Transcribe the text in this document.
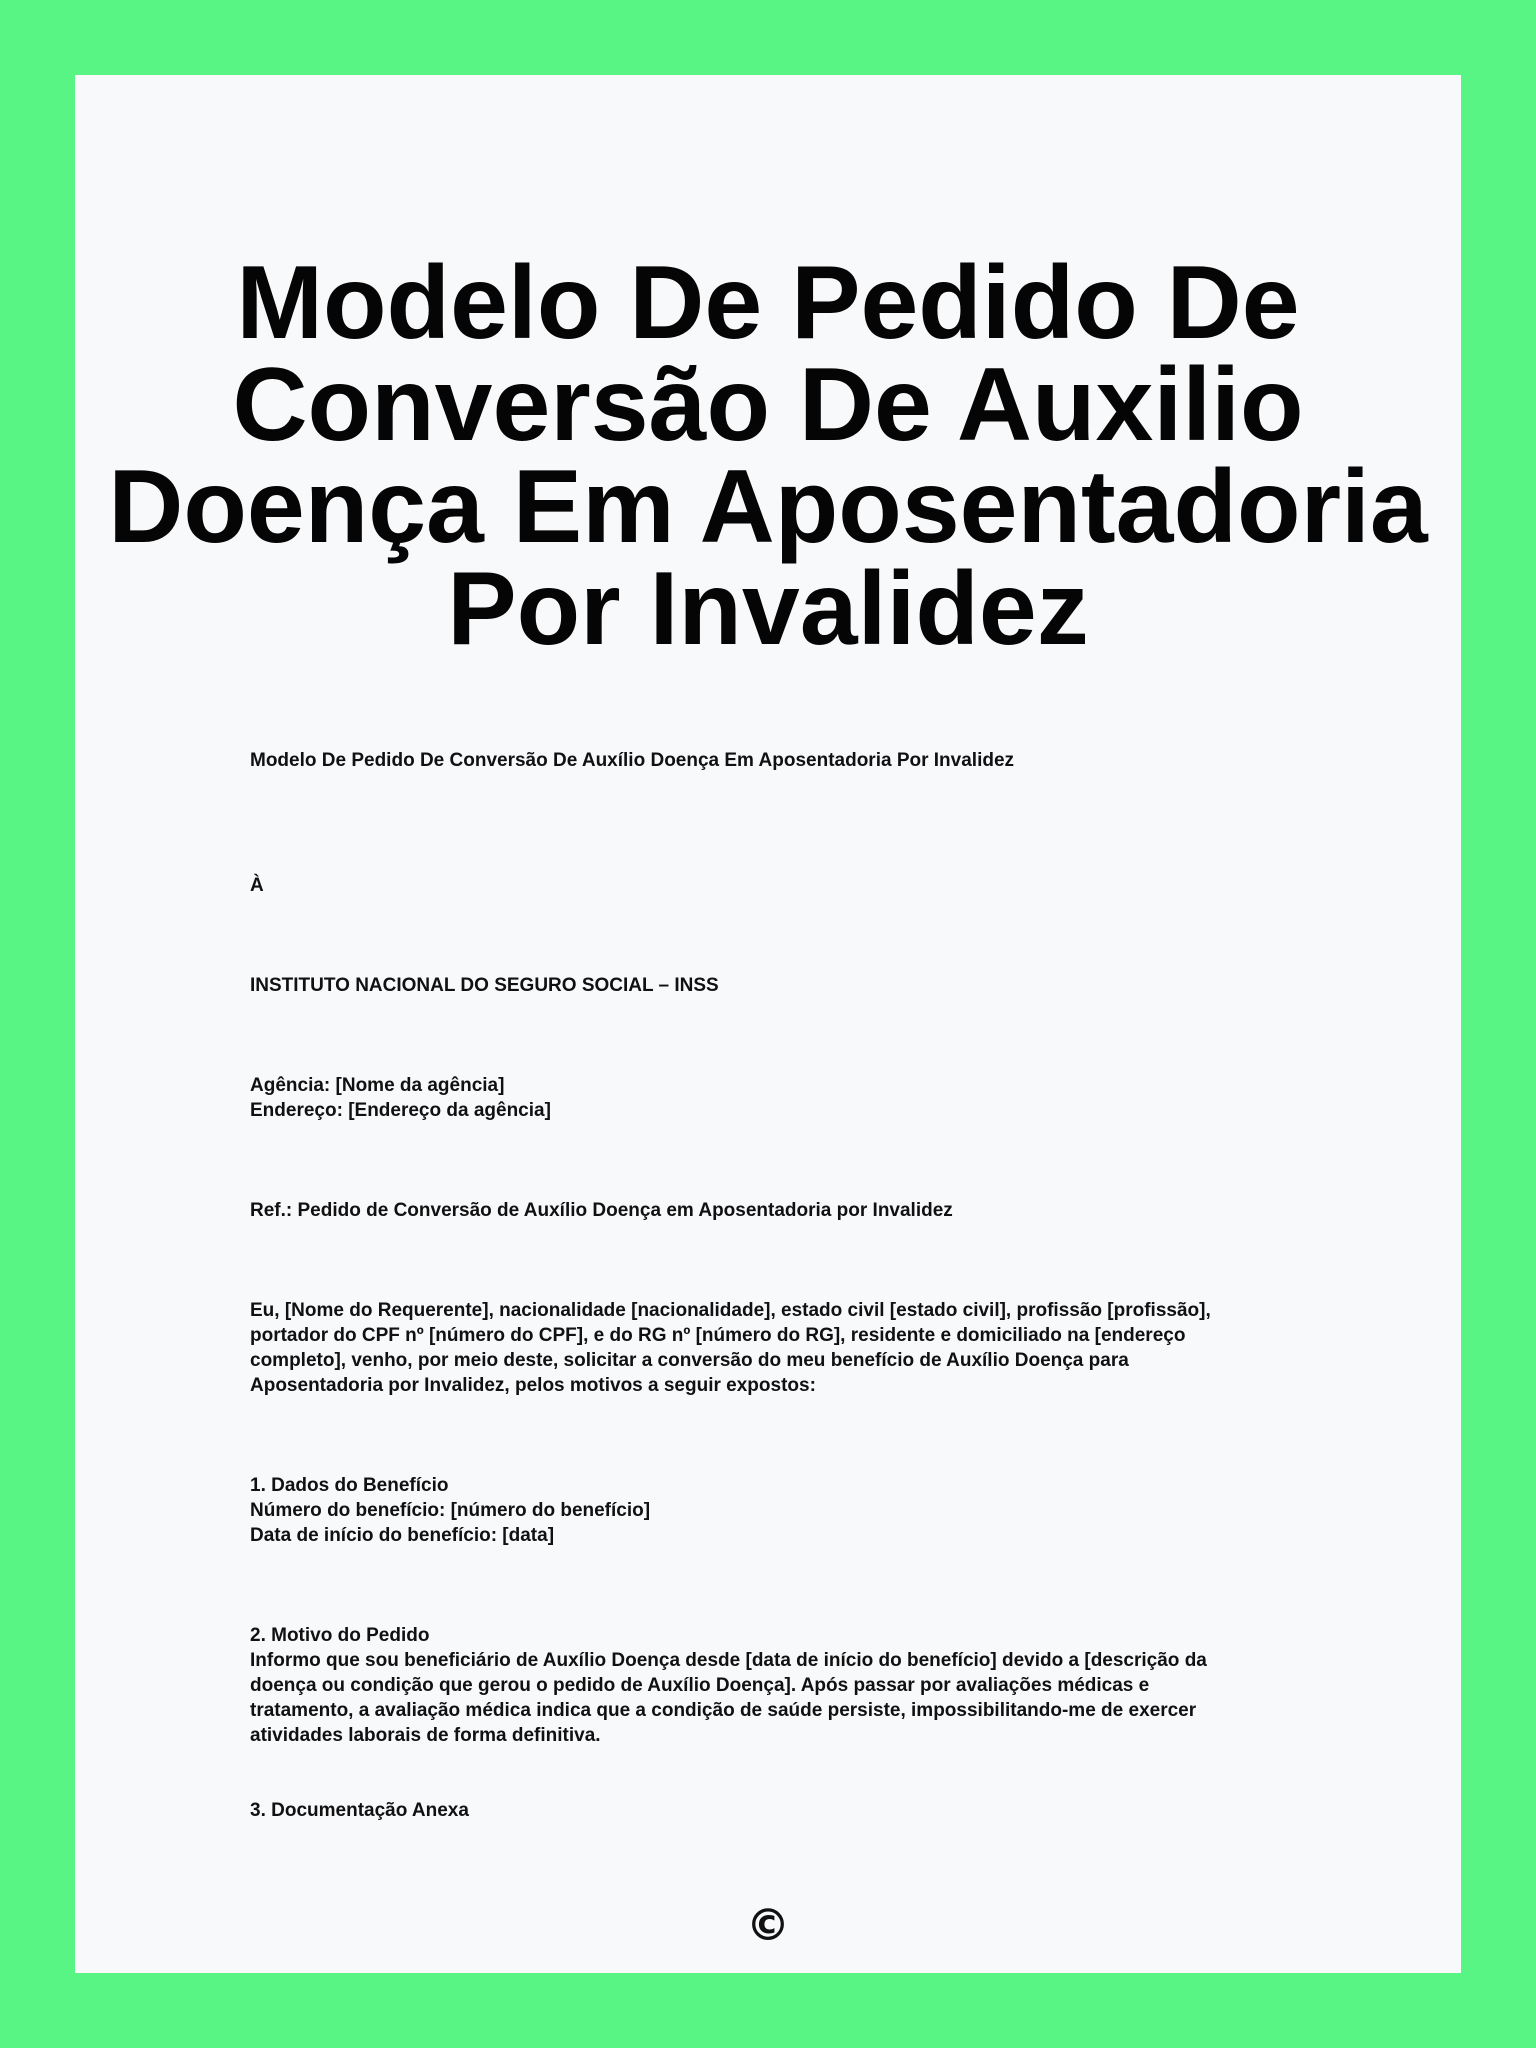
Modelo De Pedido De Conversão De Auxilio Doença Em Aposentadoria Por Invalidez

Modelo De Pedido De Conversão De Auxílio Doença Em Aposentadoria Por Invalidez

À

INSTITUTO NACIONAL DO SEGURO SOCIAL – INSS

Agência: [Nome da agência]
Endereço: [Endereço da agência]

Ref.: Pedido de Conversão de Auxílio Doença em Aposentadoria por Invalidez

Eu, [Nome do Requerente], nacionalidade [nacionalidade], estado civil [estado civil], profissão [profissão],
portador do CPF nº [número do CPF], e do RG nº [número do RG], residente e domiciliado na [endereço
completo], venho, por meio deste, solicitar a conversão do meu benefício de Auxílio Doença para
Aposentadoria por Invalidez, pelos motivos a seguir expostos:
1. Dados do Benefício
Número do benefício: [número do benefício]
Data de início do benefício: [data]
2. Motivo do Pedido
Informo que sou beneficiário de Auxílio Doença desde [data de início do benefício] devido a [descrição da
doença ou condição que gerou o pedido de Auxílio Doença]. Após passar por avaliações médicas e
tratamento, a avaliação médica indica que a condição de saúde persiste, impossibilitando-me de exercer
atividades laborais de forma definitiva.

3. Documentação Anexa

©
